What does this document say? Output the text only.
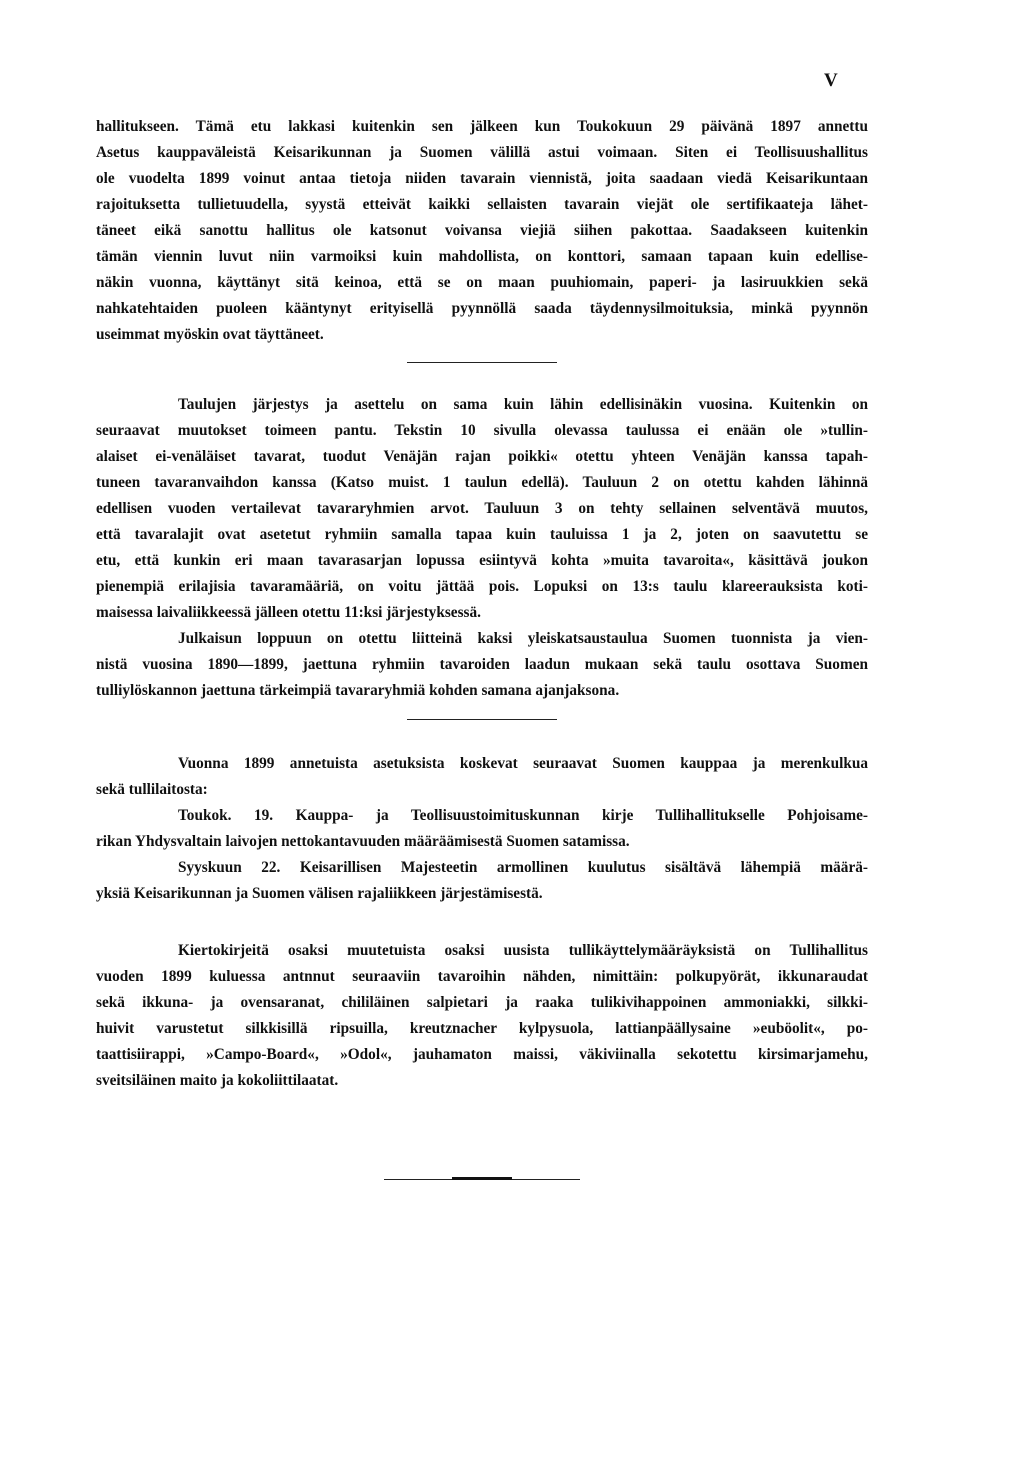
V
hallitukseen. Tämä etu lakkasi kuitenkin sen jälkeen kun Toukokuun 29 päivänä 1897 annettu
Asetus kauppaväleistä Keisarikunnan ja Suomen välillä astui voimaan. Siten ei Teollisuushallitus
ole vuodelta 1899 voinut antaa tietoja niiden tavarain viennistä, joita saadaan viedä Keisarikuntaan
rajoituksetta tullietuudella, syystä etteivät kaikki sellaisten tavarain viejät ole sertifikaateja lähet-
täneet eikä sanottu hallitus ole katsonut voivansa viejiä siihen pakottaa. Saadakseen kuitenkin
tämän viennin luvut niin varmoiksi kuin mahdollista, on konttori, samaan tapaan kuin edellise-
näkin vuonna, käyttänyt sitä keinoa, että se on maan puuhiomain, paperi- ja lasiruukkien sekä
nahkatehtaiden puoleen kääntynyt erityisellä pyynnöllä saada täydennysilmoituksia, minkä pyynnön
useimmat myöskin ovat täyttäneet.
Taulujen järjestys ja asettelu on sama kuin lähin edellisinäkin vuosina. Kuitenkin on
seuraavat muutokset toimeen pantu. Tekstin 10 sivulla olevassa taulussa ei enään ole »tullin-
alaiset ei-venäläiset tavarat, tuodut Venäjän rajan poikki« otettu yhteen Venäjän kanssa tapah-
tuneen tavaranvaihdon kanssa (Katso muist. 1 taulun edellä). Tauluun 2 on otettu kahden lähinnä
edellisen vuoden vertailevat tavararyhmien arvot. Tauluun 3 on tehty sellainen selventävä muutos,
että tavaralajit ovat asetetut ryhmiin samalla tapaa kuin tauluissa 1 ja 2, joten on saavutettu se
etu, että kunkin eri maan tavarasarjan lopussa esiintyvä kohta »muita tavaroita«, käsittävä joukon
pienempiä erilajisia tavaramääriä, on voitu jättää pois. Lopuksi on 13:s taulu klareerauksista koti-
maisessa laivaliikkeessä jälleen otettu 11:ksi järjestyksessä.
Julkaisun loppuun on otettu liitteinä kaksi yleiskatsaustaulua Suomen tuonnista ja vien-
nistä vuosina 1890—1899, jaettuna ryhmiin tavaroiden laadun mukaan sekä taulu osottava Suomen
tulliylöskannon jaettuna tärkeimpiä tavararyhmiä kohden samana ajanjaksona.
Vuonna 1899 annetuista asetuksista koskevat seuraavat Suomen kauppaa ja merenkulkua
sekä tullilaitosta:
Toukok. 19. Kauppa- ja Teollisuustoimituskunnan kirje Tullihallitukselle Pohjoisame-
rikan Yhdysvaltain laivojen nettokantavuuden määräämisestä Suomen satamissa.
Syyskuun 22. Keisarillisen Majesteetin armollinen kuulutus sisältävä lähempiä määrä-
yksiä Keisarikunnan ja Suomen välisen rajaliikkeen järjestämisestä.
Kiertokirjeitä osaksi muutetuista osaksi uusista tullikäyttelymääräyksistä on Tullihallitus
vuoden 1899 kuluessa antnnut seuraaviin tavaroihin nähden, nimittäin: polkupyörät, ikkunaraudat
sekä ikkuna- ja ovensaranat, chililäinen salpietari ja raaka tulikivihappoinen ammoniakki, silkki-
huivit varustetut silkkisillä ripsuilla, kreutznacher kylpysuola, lattianpäällysaine »euböolit«, po-
taattisiirappi, »Campo-Board«, »Odol«, jauhamaton maissi, väkiviinalla sekotettu kirsimarjamehu,
sveitsiläinen maito ja kokoliittilaatat.
